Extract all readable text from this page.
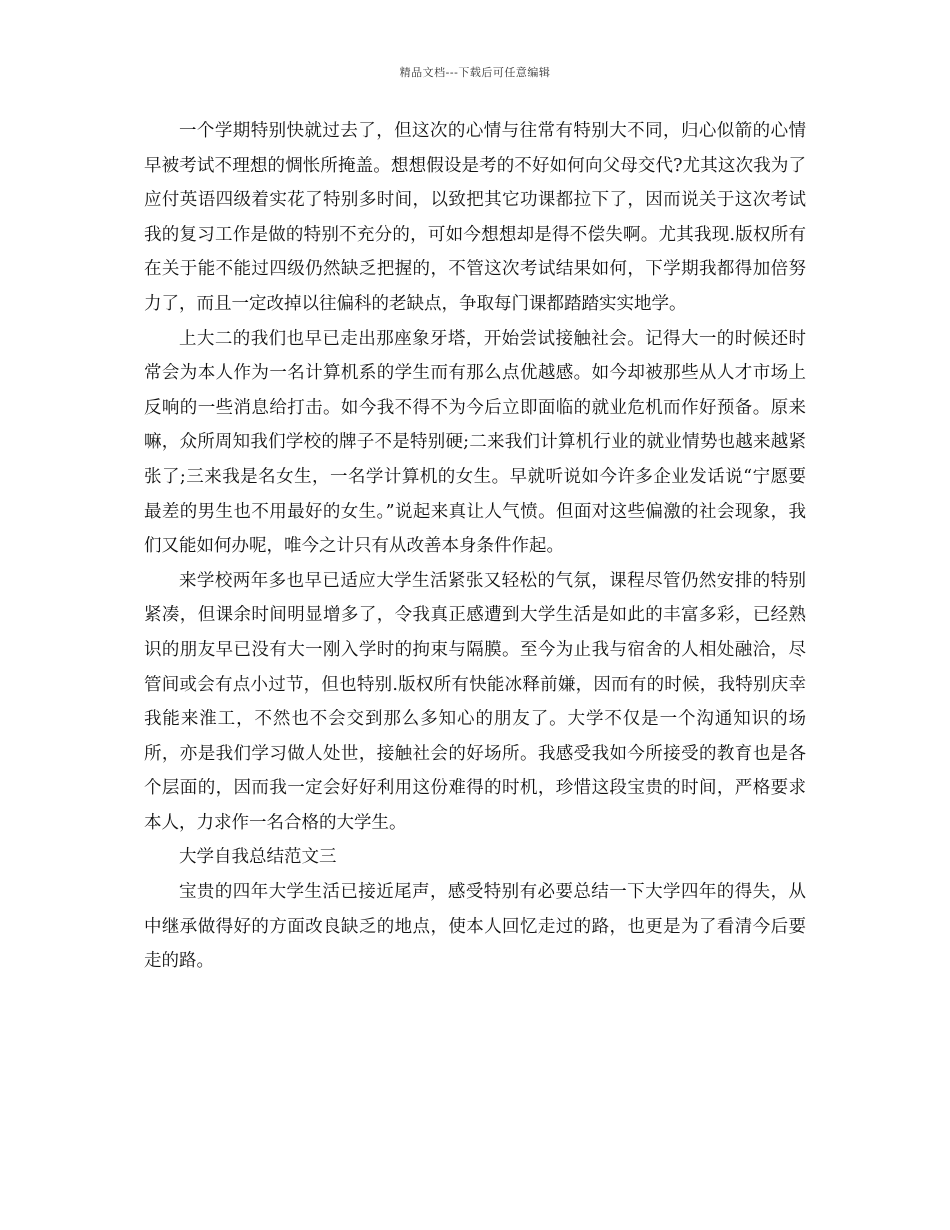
精品文档---下载后可任意编辑

一个学期特别快就过去了，但这次的心情与往常有特别大不同，归心似箭的心情早被考试不理想的惆怅所掩盖。想想假设是考的不好如何向父母交代?尤其这次我为了应付英语四级着实花了特别多时间，以致把其它功课都拉下了，因而说关于这次考试我的复习工作是做的特别不充分的，可如今想想却是得不偿失啊。尤其我现.版权所有在关于能不能过四级仍然缺乏把握的，不管这次考试结果如何，下学期我都得加倍努力了，而且一定改掉以往偏科的老缺点，争取每门课都踏踏实实地学。

上大二的我们也早已走出那座象牙塔，开始尝试接触社会。记得大一的时候还时常会为本人作为一名计算机系的学生而有那么点优越感。如今却被那些从人才市场上反响的一些消息给打击。如今我不得不为今后立即面临的就业危机而作好预备。原来嘛，众所周知我们学校的牌子不是特别硬;二来我们计算机行业的就业情势也越来越紧张了;三来我是名女生，一名学计算机的女生。早就听说如今许多企业发话说“宁愿要最差的男生也不用最好的女生。”说起来真让人气愤。但面对这些偏激的社会现象，我们又能如何办呢，唯今之计只有从改善本身条件作起。

来学校两年多也早已适应大学生活紧张又轻松的气氛，课程尽管仍然安排的特别紧凑，但课余时间明显增多了，令我真正感遭到大学生活是如此的丰富多彩，已经熟识的朋友早已没有大一刚入学时的拘束与隔膜。至今为止我与宿舍的人相处融洽，尽管间或会有点小过节，但也特别.版权所有快能冰释前嫌，因而有的时候，我特别庆幸我能来淮工，不然也不会交到那么多知心的朋友了。大学不仅是一个沟通知识的场所，亦是我们学习做人处世，接触社会的好场所。我感受我如今所接受的教育也是各个层面的，因而我一定会好好利用这份难得的时机，珍惜这段宝贵的时间，严格要求本人，力求作一名合格的大学生。

大学自我总结范文三

宝贵的四年大学生活已接近尾声，感受特别有必要总结一下大学四年的得失，从中继承做得好的方面改良缺乏的地点，使本人回忆走过的路，也更是为了看清今后要走的路。
